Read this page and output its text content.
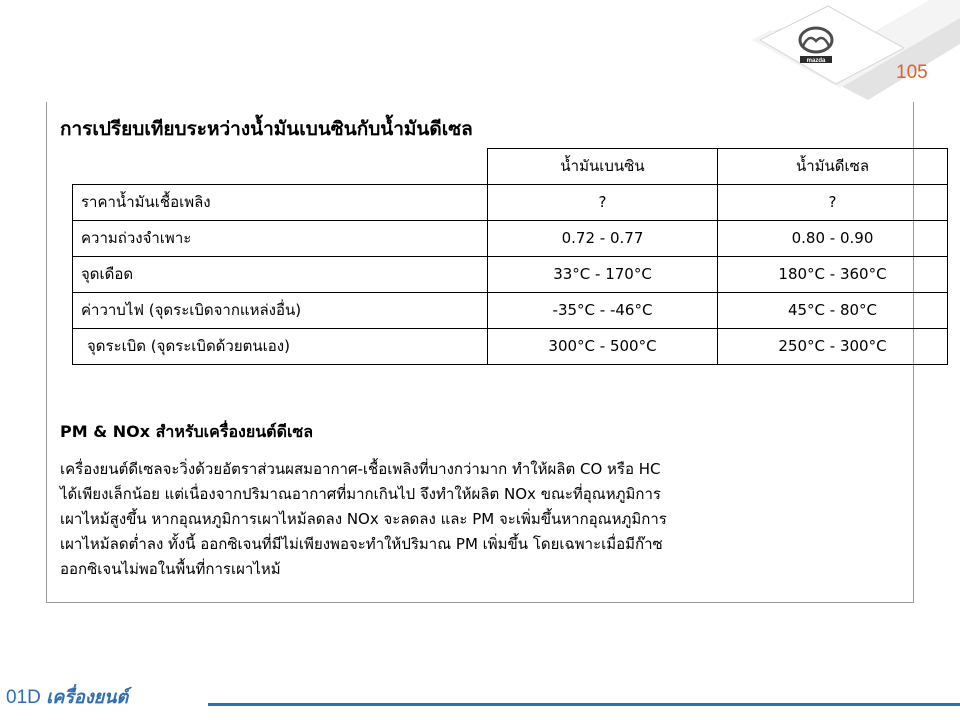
mazda
105
การเปรียบเทียบระหว่างน้ำมันเบนซินกับน้ำมันดีเซล
	น้ำมันเบนซิน	น้ำมันดีเซล
ราคาน้ำมันเชื้อเพลิง	?	?
ความถ่วงจำเพาะ	0.72 - 0.77	0.80 - 0.90
จุดเดือด	33°C - 170°C	180°C - 360°C
ค่าวาบไฟ (จุดระเบิดจากแหล่งอื่น)	-35°C - -46°C	45°C - 80°C
จุดระเบิด (จุดระเบิดด้วยตนเอง)	300°C - 500°C	250°C - 300°C
PM & NOx สำหรับเครื่องยนต์ดีเซล
เครื่องยนต์ดีเซลจะวิ่งด้วยอัตราส่วนผสมอากาศ-เชื้อเพลิงที่บางกว่ามาก ทำให้ผลิต CO หรือ HC
ได้เพียงเล็กน้อย แต่เนื่องจากปริมาณอากาศที่มากเกินไป จึงทำให้ผลิต NOx ขณะที่อุณหภูมิการ
เผาไหม้สูงขึ้น หากอุณหภูมิการเผาไหม้ลดลง NOx จะลดลง และ PM จะเพิ่มขึ้นหากอุณหภูมิการ
เผาไหม้ลดต่ำลง ทั้งนี้ ออกซิเจนที่มีไม่เพียงพอจะทำให้ปริมาณ PM เพิ่มขึ้น โดยเฉพาะเมื่อมีก๊าซ
ออกซิเจนไม่พอในพื้นที่การเผาไหม้
01D เครื่องยนต์
